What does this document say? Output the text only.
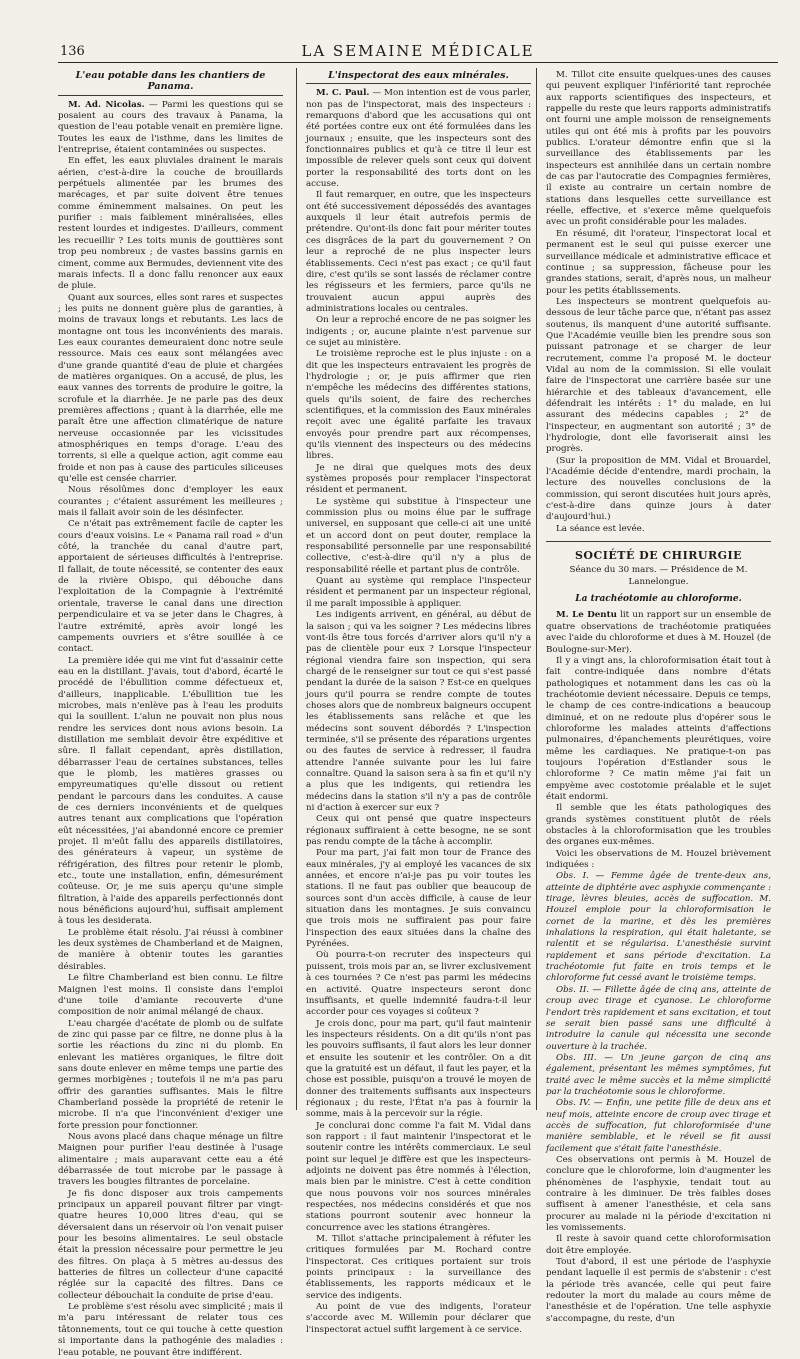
136	LA SEMAINE MÉDICALE
L'eau potable dans les chantiers de Panama.

M. Ad. Nicolas. — Parmi les questions qui se posaient au cours des travaux à Panama, la question de l'eau potable venait en première ligne. Toutes les eaux de l'isthme, dans les limites de l'entreprise, étaient contaminées ou suspectes.

En effet, les eaux pluviales drainent le marais aérien, c'est-à-dire la couche de brouillards perpétuels alimentée par les brumes des marécages, et par suite doivent être tenues comme éminemment malsaines. On peut les purifier : mais faiblement minéralisées, elles restent lourdes et indigestes. D'ailleurs, comment les recueillir ? Les toits munis de gouttières sont trop peu nombreux ; de vastes bassins garnis en ciment, comme aux Bermudes, deviennent vite des marais infects. Il a donc fallu renoncer aux eaux de pluie.

Quant aux sources, elles sont rares et suspectes ; les puits ne donnent guère plus de garanties, à moins de travaux longs et rebutants. Les lacs de montagne ont tous les inconvénients des marais. Les eaux courantes demeuraient donc notre seule ressource. Mais ces eaux sont mélangées avec d'une grande quantité d'eau de pluie et chargées de matières organiques. On a accusé, de plus, les eaux vannes des torrents de produire le goitre, la scrofule et la diarrhée. Je ne parle pas des deux premières affections ; quant à la diarrhée, elle me paraît être une affection climatérique de nature nerveuse occasionnée par les vicissitudes atmosphériques en temps d'orage. L'eau des torrents, si elle a quelque action, agit comme eau froide et non pas à cause des particules siliceuses qu'elle est censée charrier.

Nous résolûmes donc d'employer les eaux courantes ; c'étaient assurément les meilleures ; mais il fallait avoir soin de les désinfecter.

Ce n'était pas extrêmement facile de capter les cours d'eaux voisins. Le « Panama rail road » d'un côté, la tranchée du canal d'autre part, apportaient de sérieuses difficultés à l'entreprise. Il fallait, de toute nécessité, se contenter des eaux de la rivière Obispo, qui débouche dans l'exploitation de la Compagnie à l'extrémité orientale, traverse le canal dans une direction perpendiculaire et va se jeter dans le Chagres, à l'autre extrémité, après avoir longé les campements ouvriers et s'être souillée à ce contact.

La première idée qui me vint fut d'assainir cette eau en la distillant. J'avais, tout d'abord, écarté le procédé de l'ébullition comme défectueux et, d'ailleurs, inapplicable. L'ébullition tue les microbes, mais n'enlève pas à l'eau les produits qui la souillent. L'alun ne pouvait non plus nous rendre les services dont nous avions besoin. La distillation me semblait devoir être expéditive et sûre. Il fallait cependant, après distillation, débarrasser l'eau de certaines substances, telles que le plomb, les matières grasses ou empyreumatiques qu'elle dissout ou retient pendant le parcours dans les conduites. A cause de ces derniers inconvénients et de quelques autres tenant aux complications que l'opération eût nécessitées, j'ai abandonné encore ce premier projet. Il m'eût fallu des appareils distillatoires, des générateurs à vapeur, un système de réfrigération, des filtres pour retenir le plomb, etc., toute une installation, enfin, démesurément coûteuse. Or, je me suis aperçu qu'une simple filtration, à l'aide des appareils perfectionnés dont nous bénéficions aujourd'hui, suffisait amplement à tous les desiderata.

Le problème était résolu. J'ai réussi à combiner les deux systèmes de Chamberland et de Maignen, de manière à obtenir toutes les garanties désirables.

Le filtre Chamberland est bien connu. Le filtre Maignen l'est moins. Il consiste dans l'emploi d'une toile d'amiante recouverte d'une composition de noir animal mélangé de chaux.

L'eau chargée d'acétate de plomb ou de sulfate de zinc qui passe par ce filtre, ne donne plus à la sortie les réactions du zinc ni du plomb. En enlevant les matières organiques, le filtre doit sans doute enlever en même temps une partie des germes morbigènes ; toutefois il ne m'a pas paru offrir des garanties suffisantes. Mais le filtre Chamberland possède la propriété de retenir le microbe. Il n'a que l'inconvénient d'exiger une forte pression pour fonctionner.

Nous avons placé dans chaque ménage un filtre Maignen pour purifier l'eau destinée à l'usage alimentaire ; mais auparavant cette eau a été débarrassée de tout microbe par le passage à travers les bougies filtrantes de porcelaine.

Je fis donc disposer aux trois campements principaux un appareil pouvant filtrer par vingt-quatre heures 10,000 litres d'eau, qui se déversaient dans un réservoir où l'on venait puiser pour les besoins alimentaires. Le seul obstacle était la pression nécessaire pour permettre le jeu des filtres. On plaça à 5 mètres au-dessus des batteries de filtres un collecteur d'une capacité réglée sur la capacité des filtres. Dans ce collecteur débouchait la conduite de prise d'eau.

Le problème s'est résolu avec simplicité ; mais il m'a paru intéressant de relater tous ces tâtonnements, tout ce qui touche à cette question si importante dans la pathogénie des maladies : l'eau potable, ne pouvant être indifférent.

L'inspectorat des eaux minérales.

M. C. Paul. — Mon intention est de vous parler, non pas de l'inspectorat, mais des inspecteurs : remarquons d'abord que les accusations qui ont été portées contre eux ont été formulées dans les journaux ; ensuite, que les inspecteurs sont des fonctionnaires publics et qu'à ce titre il leur est impossible de relever quels sont ceux qui doivent porter la responsabilité des torts dont on les accuse.

Il faut remarquer, en outre, que les inspecteurs ont été successivement dépossédés des avantages auxquels il leur était autrefois permis de prétendre. Qu'ont-ils donc fait pour mériter toutes ces disgrâces de la part du gouvernement ? On leur a reproché de ne plus inspecter leurs établissements. Ceci n'est pas exact ; ce qu'il faut dire, c'est qu'ils se sont lassés de réclamer contre les régisseurs et les fermiers, parce qu'ils ne trouvaient aucun appui auprès des administrations locales ou centrales.

On leur a reproché encore de ne pas soigner les indigents ; or, aucune plainte n'est parvenue sur ce sujet au ministère.

Le troisième reproche est le plus injuste : on a dit que les inspecteurs entravaient les progrès de l'hydrologie ; or, je puis affirmer que rien n'empêche les médecins des différentes stations, quels qu'ils soient, de faire des recherches scientifiques, et la commission des Eaux minérales reçoit avec une égalité parfaite les travaux envoyés pour prendre part aux récompenses, qu'ils viennent des inspecteurs ou des médecins libres.

Je ne dirai que quelques mots des deux systèmes proposés pour remplacer l'inspectorat résident et permanent.

Le système qui substitue à l'inspecteur une commission plus ou moins élue par le suffrage universel, en supposant que celle-ci ait une unité et un accord dont on peut douter, remplace la responsabilité personnelle par une responsabilité collective, c'est-à-dire qu'il n'y a plus de responsabilité réelle et partant plus de contrôle.

Quant au système qui remplace l'inspecteur résident et permanent par un inspecteur régional, il me paraît impossible à appliquer.

Les indigents arrivent, en général, au début de la saison ; qui va les soigner ? Les médecins libres vont-ils être tous forcés d'arriver alors qu'il n'y a pas de clientèle pour eux ? Lorsque l'inspecteur régional viendra faire son inspection, qui sera chargé de le renseigner sur tout ce qui s'est passé pendant la durée de la saison ? Est-ce en quelques jours qu'il pourra se rendre compte de toutes choses alors que de nombreux baigneurs occupent les établissements sans relâche et que les médecins sont souvent débordés ? L'inspection terminée, s'il se présente des réparations urgentes ou des fautes de service à redresser, il faudra attendre l'année suivante pour les lui faire connaître. Quand la saison sera à sa fin et qu'il n'y a plus que les indigents, qui retiendra les médecins dans la station s'il n'y a pas de contrôle ni d'action à exercer sur eux ?

Ceux qui ont pensé que quatre inspecteurs régionaux suffiraient à cette besogne, ne se sont pas rendu compte de la tâche à accomplir.

Pour ma part, j'ai fait mon tour de France des eaux minérales, j'y ai employé les vacances de six années, et encore n'ai-je pas pu voir toutes les stations. Il ne faut pas oublier que beaucoup de sources sont d'un accès difficile, à cause de leur situation dans les montagnes. Je suis convaincu que trois mois ne suffiraient pas pour faire l'inspection des eaux situées dans la chaîne des Pyrénées.

Où pourra-t-on recruter des inspecteurs qui puissent, trois mois par an, se livrer exclusivement à ces tournées ? Ce n'est pas parmi les médecins en activité. Quatre inspecteurs seront donc insuffisants, et quelle indemnité faudra-t-il leur accorder pour ces voyages si coûteux ?

Je crois donc, pour ma part, qu'il faut maintenir les inspecteurs résidents. On a dit qu'ils n'ont pas les pouvoirs suffisants, il faut alors les leur donner et ensuite les soutenir et les contrôler. On a dit que la gratuité est un défaut, il faut les payer, et la chose est possible, puisqu'on a trouvé le moyen de donner des traitements suffisants aux inspecteurs régionaux ; du reste, l'État n'a pas à fournir la somme, mais à la percevoir sur la régie.

Je conclurai donc comme l'a fait M. Vidal dans son rapport : il faut maintenir l'inspectorat et le soutenir contre les intérêts commerciaux. Le seul point sur lequel je diffère est que les inspecteurs-adjoints ne doivent pas être nommés à l'élection, mais bien par le ministre. C'est à cette condition que nous pouvons voir nos sources minérales respectées, nos médecins considérés et que nos stations pourront soutenir avec honneur la concurrence avec les stations étrangères.

M. Tillot s'attache principalement à réfuter les critiques formulées par M. Rochard contre l'inspectorat. Ces critiques portaient sur trois points principaux : la surveillance des établissements, les rapports médicaux et le service des indigents.

Au point de vue des indigents, l'orateur s'accorde avec M. Willemin pour déclarer que l'inspectorat actuel suffit largement à ce service.

M. Tillot cite ensuite quelques-unes des causes qui peuvent expliquer l'infériorité tant reprochée aux rapports scientifiques des inspecteurs, et rappelle du reste que leurs rapports administratifs ont fourni une ample moisson de renseignements utiles qui ont été mis à profits par les pouvoirs publics. L'orateur démontre enfin que si la surveillance des établissements par les inspecteurs est annihilée dans un certain nombre de cas par l'autocratie des Compagnies fermières, il existe au contraire un certain nombre de stations dans lesquelles cette surveillance est réelle, effective, et s'exerce même quelquefois avec un profit considérable pour les malades.

En résumé, dit l'orateur, l'inspectorat local et permanent est le seul qui puisse exercer une surveillance médicale et administrative efficace et continue ; sa suppression, fâcheuse pour les grandes stations, serait, d'après nous, un malheur pour les petits établissements.

Les inspecteurs se montrent quelquefois au-dessous de leur tâche parce que, n'étant pas assez soutenus, ils manquent d'une autorité suffisante. Que l'Académie veuille bien les prendre sous son puissant patronage et se charger de leur recrutement, comme l'a proposé M. le docteur Vidal au nom de la commission. Si elle voulait faire de l'inspectorat une carrière basée sur une hiérarchie et des tableaux d'avancement, elle défendrait les intérêts : 1° du malade, en lui assurant des médecins capables ; 2° de l'inspecteur, en augmentant son autorité ; 3° de l'hydrologie, dont elle favoriserait ainsi les progrès.

(Sur la proposition de MM. Vidal et Brouardel, l'Académie décide d'entendre, mardi prochain, la lecture des nouvelles conclusions de la commission, qui seront discutées huit jours après, c'est-à-dire dans quinze jours à dater d'aujourd'hui.)

La séance est levée.

SOCIÉTÉ DE CHIRURGIE
Séance du 30 mars. — Présidence de M. Lannelongue.
La trachéotomie au chloroforme.

M. Le Dentu lit un rapport sur un ensemble de quatre observations de trachéotomie pratiquées avec l'aide du chloroforme et dues à M. Houzel (de Boulogne-sur-Mer).

Il y a vingt ans, la chloroformisation était tout à fait contre-indiquée dans nombre d'états pathologiques et notamment dans les cas où la trachéotomie devient nécessaire. Depuis ce temps, le champ de ces contre-indications a beaucoup diminué, et on ne redoute plus d'opérer sous le chloroforme les malades atteints d'affections pulmonaires, d'épanchements pleurétiques, voire même les cardiaques. Ne pratique-t-on pas toujours l'opération d'Estlander sous le chloroforme ? Ce matin même j'ai fait un empyème avec costotomie préalable et le sujet était endormi.

Il semble que les états pathologiques des grands systèmes constituent plutôt de réels obstacles à la chloroformisation que les troubles des organes eux-mêmes.

Voici les observations de M. Houzel brièvement indiquées :

Obs. I. — Femme âgée de trente-deux ans, atteinte de diphtérie avec asphyxie commençante : tirage, lèvres bleuies, accès de suffocation. M. Houzel emploie pour la chloroformisation le cornet de la marine, et dès les premières inhalations la respiration, qui était haletante, se ralentit et se régularisa. L'anesthésie survint rapidement et sans période d'excitation. La trachéotomie fut faite en trois temps et le chloroforme fut cessé avant le troisième temps.

Obs. II. — Fillette âgée de cinq ans, atteinte de croup avec tirage et cyanose. Le chloroforme l'endort très rapidement et sans excitation, et tout se serait bien passé sans une difficulté à introduire la canule qui nécessita une seconde ouverture à la trachée.

Obs. III. — Un jeune garçon de cinq ans également, présentant les mêmes symptômes, fut traité avec le même succès et la même simplicité par la trachéotomie sous le chloroforme.

Obs. IV. — Enfin, une petite fille de deux ans et neuf mois, atteinte encore de croup avec tirage et accès de suffocation, fut chloroformisée d'une manière semblable, et le réveil se fit aussi facilement que s'était faite l'anesthésie.

Ces observations ont permis à M. Houzel de conclure que le chloroforme, loin d'augmenter les phénomènes de l'asphyxie, tendait tout au contraire à les diminuer. De très faibles doses suffisent à amener l'anesthésie, et cela sans procurer au malade ni la période d'excitation ni les vomissements.

Il reste à savoir quand cette chloroformisation doit être employée.

Tout d'abord, il est une période de l'asphyxie pendant laquelle il est permis de s'abstenir : c'est la période très avancée, celle qui peut faire redouter la mort du malade au cours même de l'anesthésie et de l'opération. Une telle asphyxie s'accompagne, du reste, d'un
